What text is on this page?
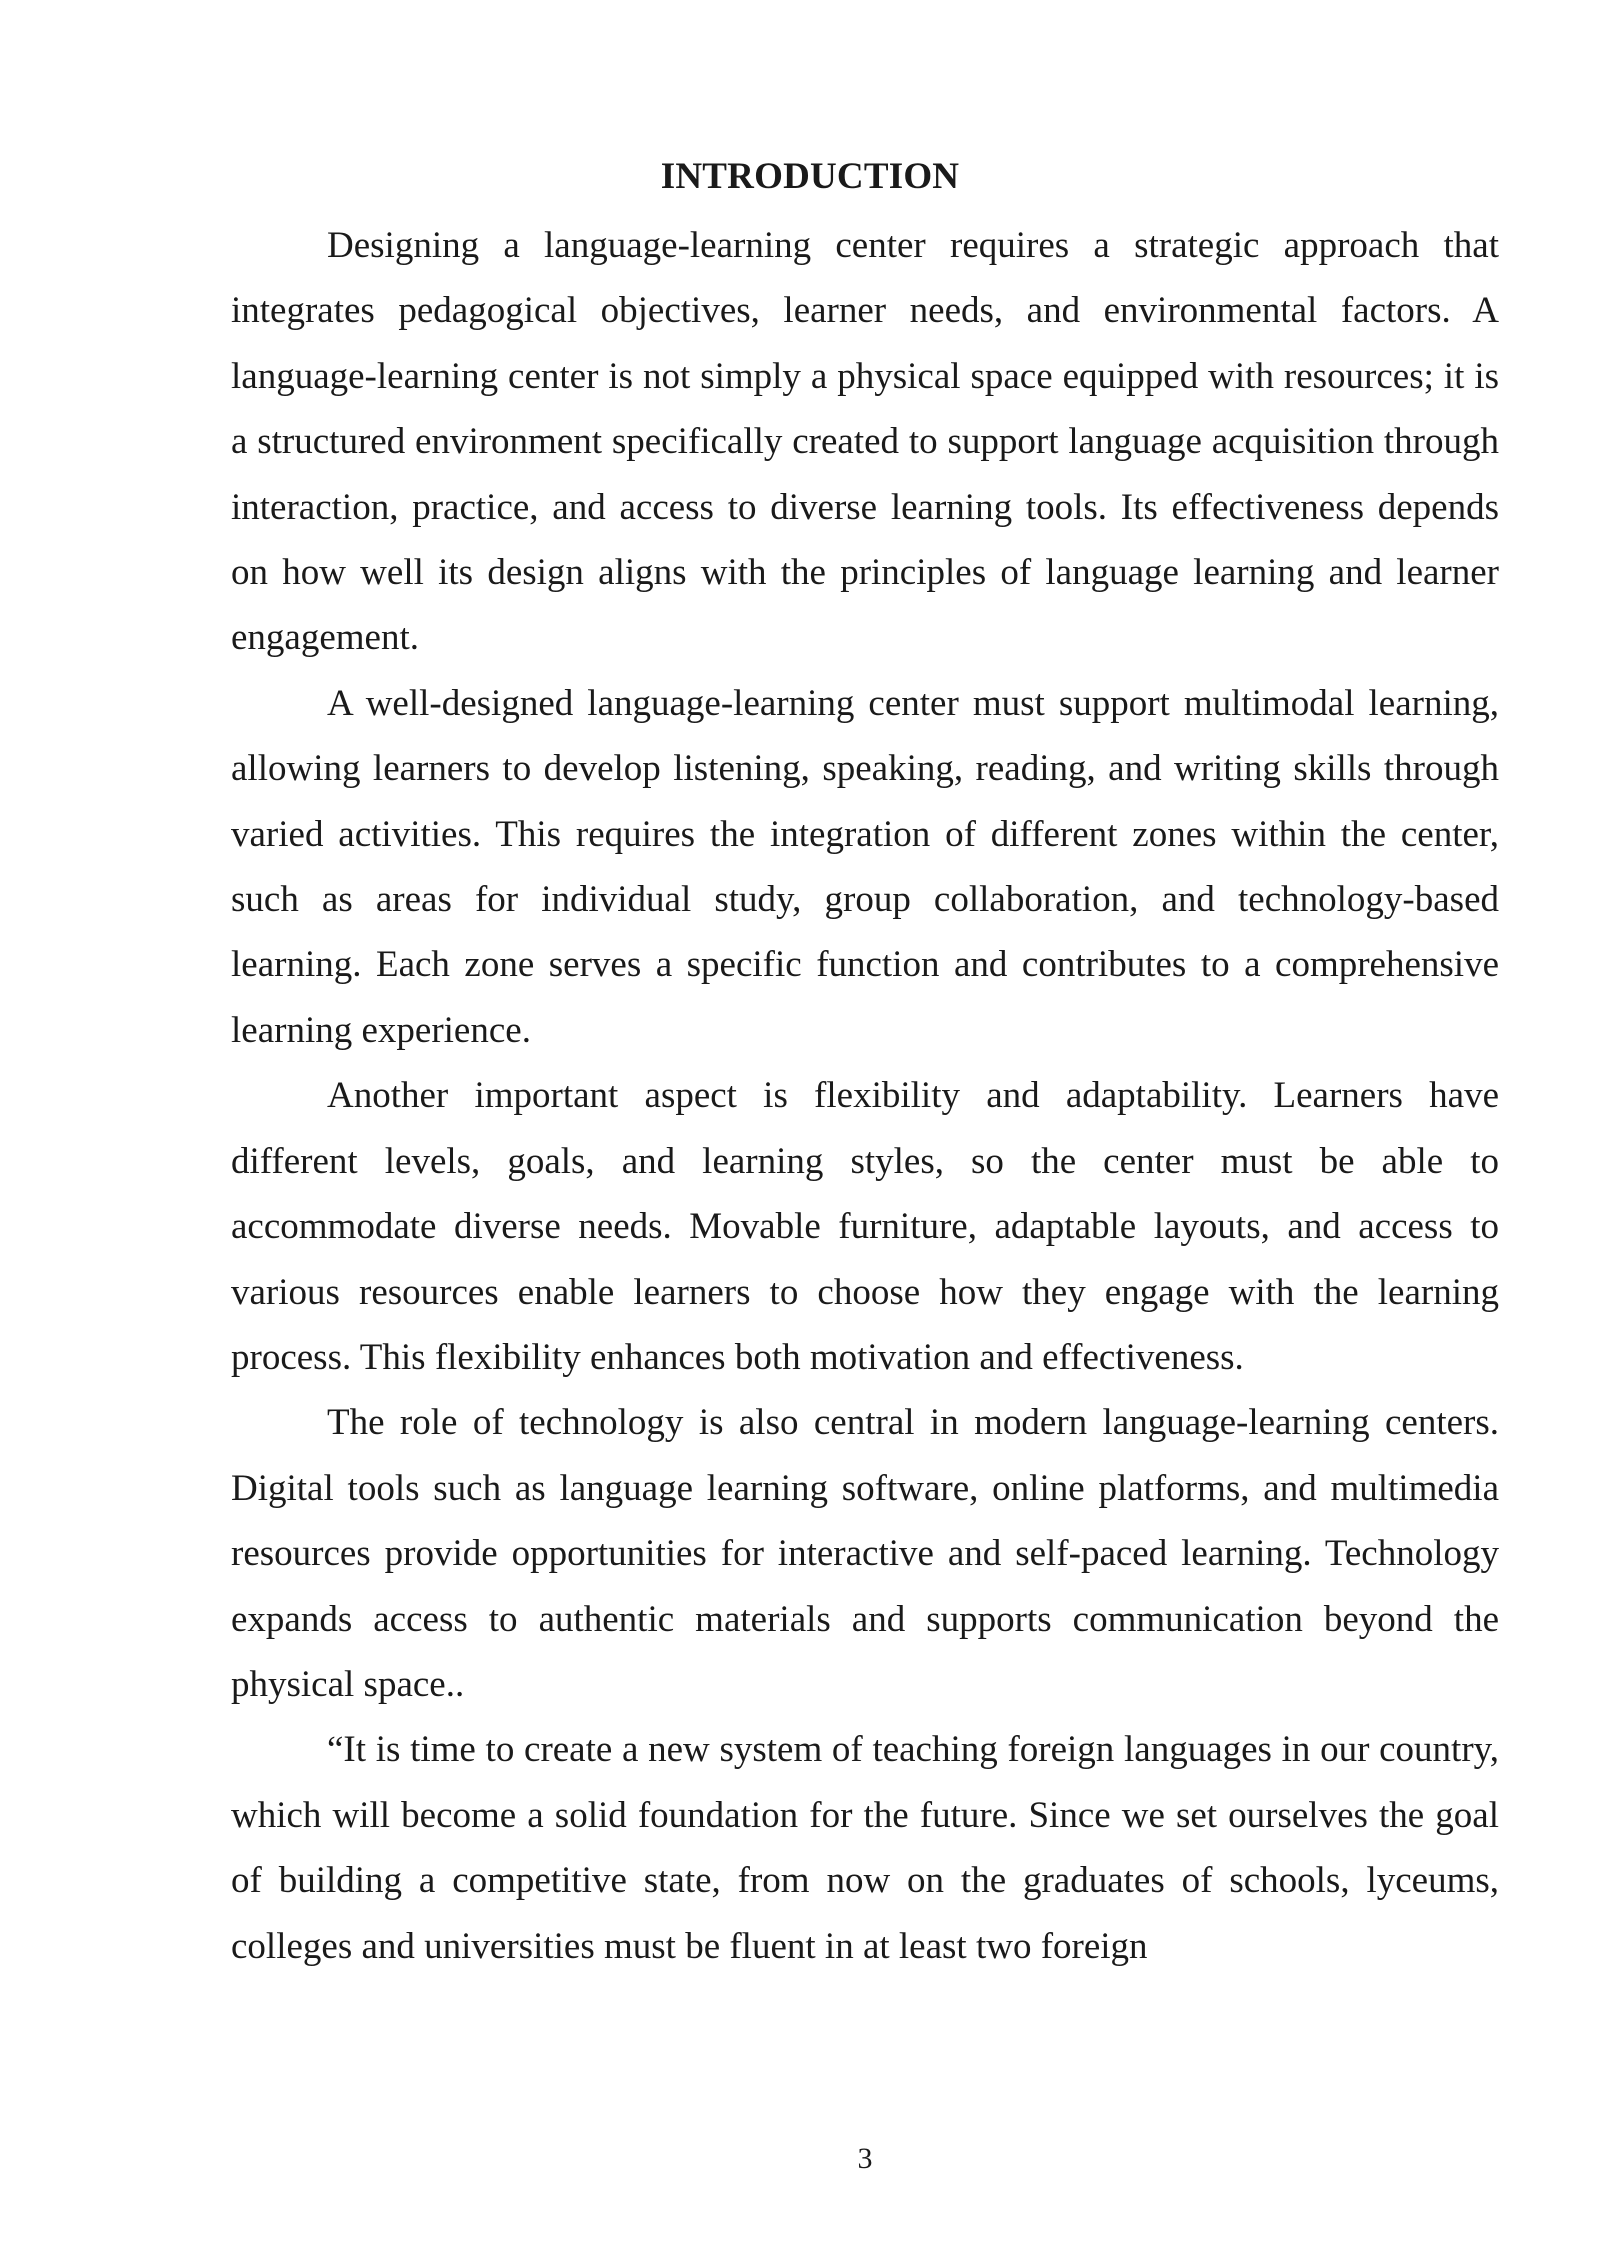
INTRODUCTION

Designing a language-learning center requires a strategic approach that integrates pedagogical objectives, learner needs, and environmental factors. A language-learning center is not simply a physical space equipped with resources; it is a structured environment specifically created to support language acquisition through interaction, practice, and access to diverse learning tools. Its effectiveness depends on how well its design aligns with the principles of language learning and learner engagement.

A well-designed language-learning center must support multimodal learning, allowing learners to develop listening, speaking, reading, and writing skills through varied activities. This requires the integration of different zones within the center, such as areas for individual study, group collaboration, and technology-based learning. Each zone serves a specific function and contributes to a comprehensive learning experience.

Another important aspect is flexibility and adaptability. Learners have different levels, goals, and learning styles, so the center must be able to accommodate diverse needs. Movable furniture, adaptable layouts, and access to various resources enable learners to choose how they engage with the learning process. This flexibility enhances both motivation and effectiveness.

The role of technology is also central in modern language-learning centers. Digital tools such as language learning software, online platforms, and multimedia resources provide opportunities for interactive and self-paced learning. Technology expands access to authentic materials and supports communication beyond the physical space..

“It is time to create a new system of teaching foreign languages in our country, which will become a solid foundation for the future. Since we set ourselves the goal of building a competitive state, from now on the graduates of schools, lyceums, colleges and universities must be fluent in at least two foreign

3
